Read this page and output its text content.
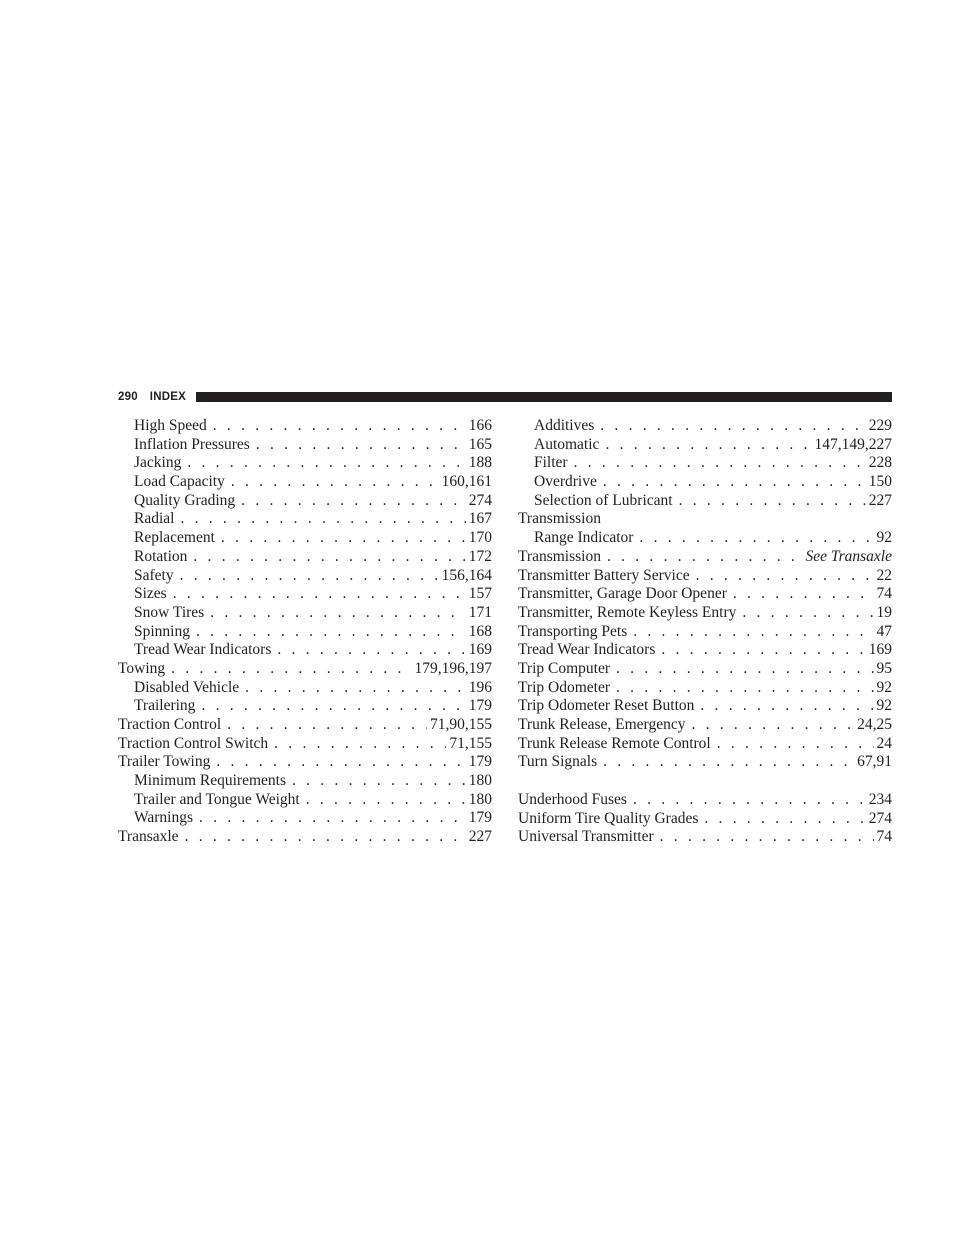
290 INDEX
High Speed . . .	166
Inflation Pressures . . .	165
Jacking . . .	188
Load Capacity . . .	160,161
Quality Grading . . .	274
Radial . . .	167
Replacement . . .	170
Rotation . . .	172
Safety . . .	156,164
Sizes . . .	157
Snow Tires . . .	171
Spinning . . .	168
Tread Wear Indicators . . .	169
Towing . . .	179,196,197
Disabled Vehicle . . .	196
Trailering . . .	179
Traction Control . . .	71,90,155
Traction Control Switch . . .	71,155
Trailer Towing . . .	179
Minimum Requirements . . .	180
Trailer and Tongue Weight . . .	180
Warnings . . .	179
Transaxle . . .	227
Additives . . .	229
Automatic . . .	147,149,227
Filter . . .	228
Overdrive . . .	150
Selection of Lubricant . . .	227
Transmission
Range Indicator . . .	92
Transmission . . .	See Transaxle
Transmitter Battery Service . . .	22
Transmitter, Garage Door Opener . . .	74
Transmitter, Remote Keyless Entry . . .	19
Transporting Pets . . .	47
Tread Wear Indicators . . .	169
Trip Computer . . .	95
Trip Odometer . . .	92
Trip Odometer Reset Button . . .	92
Trunk Release, Emergency . . .	24,25
Trunk Release Remote Control . . .	24
Turn Signals . . .	67,91
Underhood Fuses . . .	234
Uniform Tire Quality Grades . . .	274
Universal Transmitter . . .	74
